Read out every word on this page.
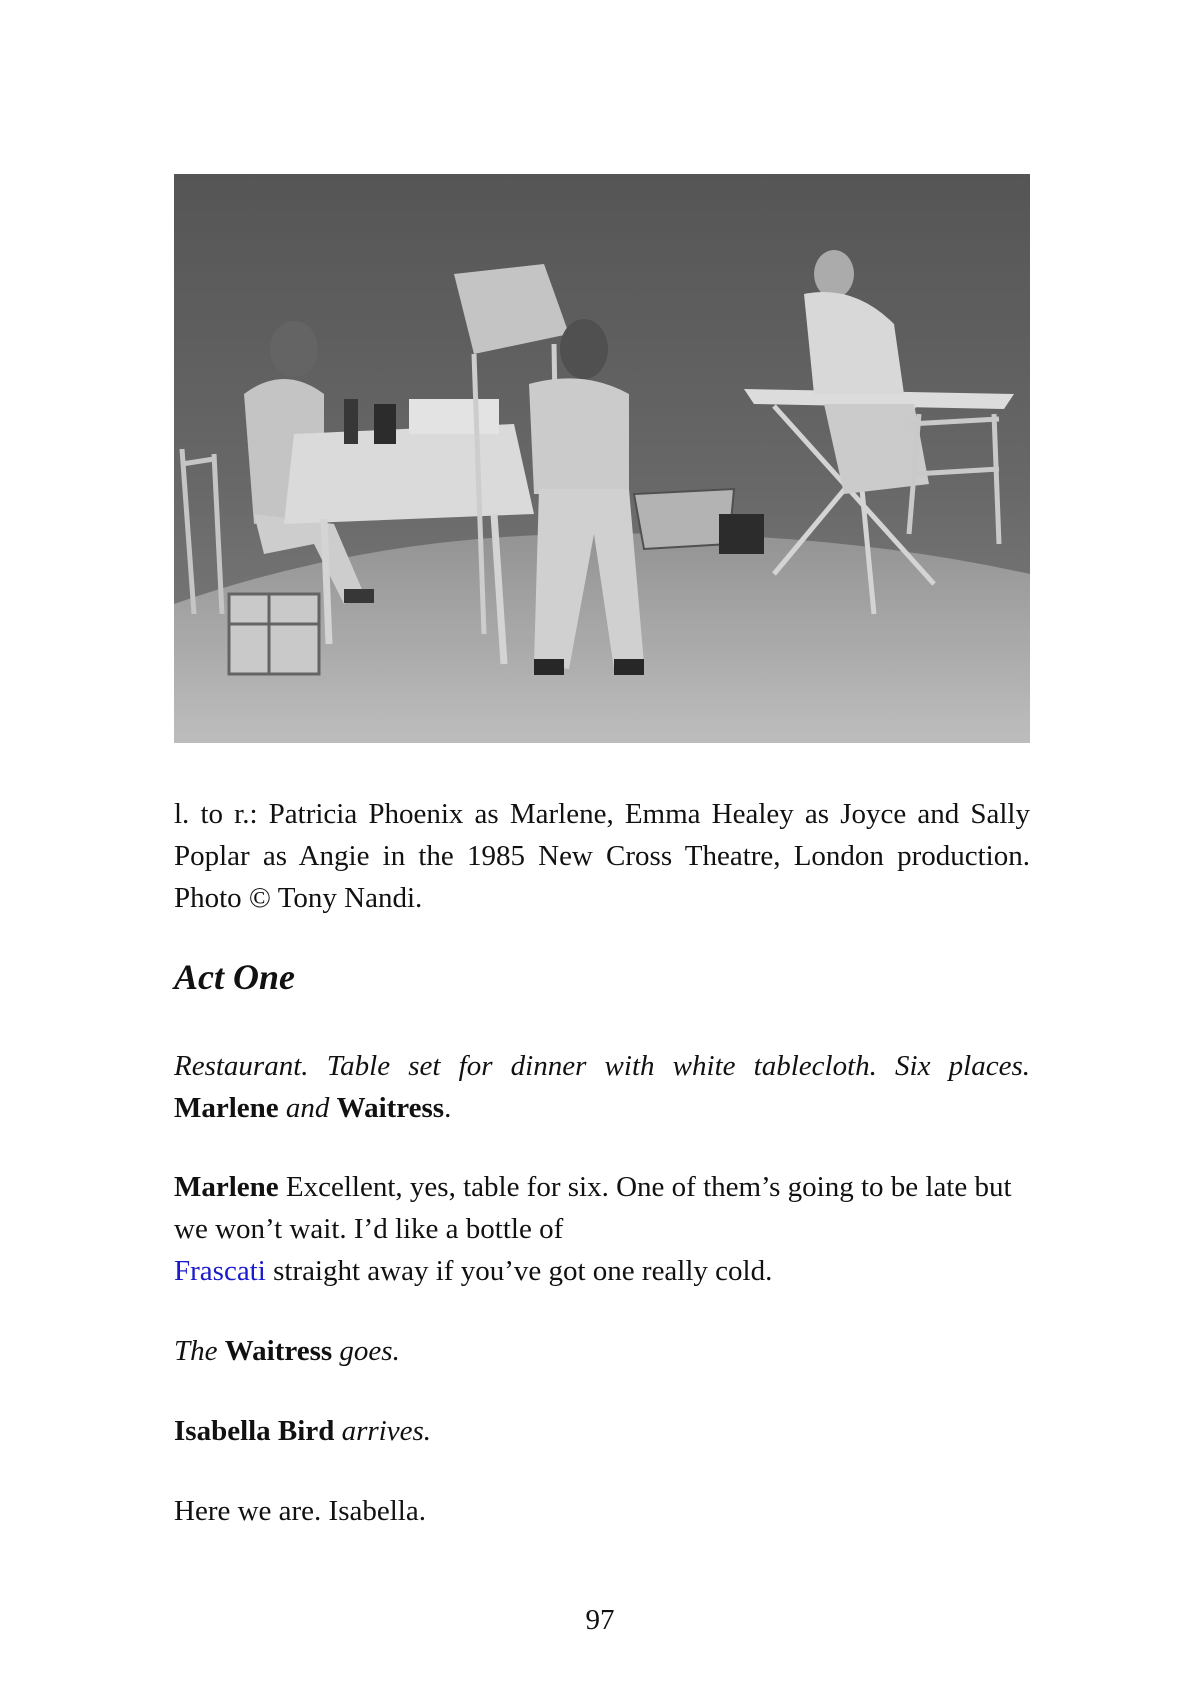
l. to r.: Patricia Phoenix as Marlene, Emma Healey as Joyce and Sally Poplar as Angie in the 1985 New Cross Theatre, London production. Photo © Tony Nandi.
Act One
Restaurant. Table set for dinner with white tablecloth. Six places. Marlene and Waitress.
Marlene Excellent, yes, table for six. One of them’s going to be late but we won’t wait. I’d like a bottle of
Frascati straight away if you’ve got one really cold.
The Waitress goes.
Isabella Bird arrives.
Here we are. Isabella.
97
